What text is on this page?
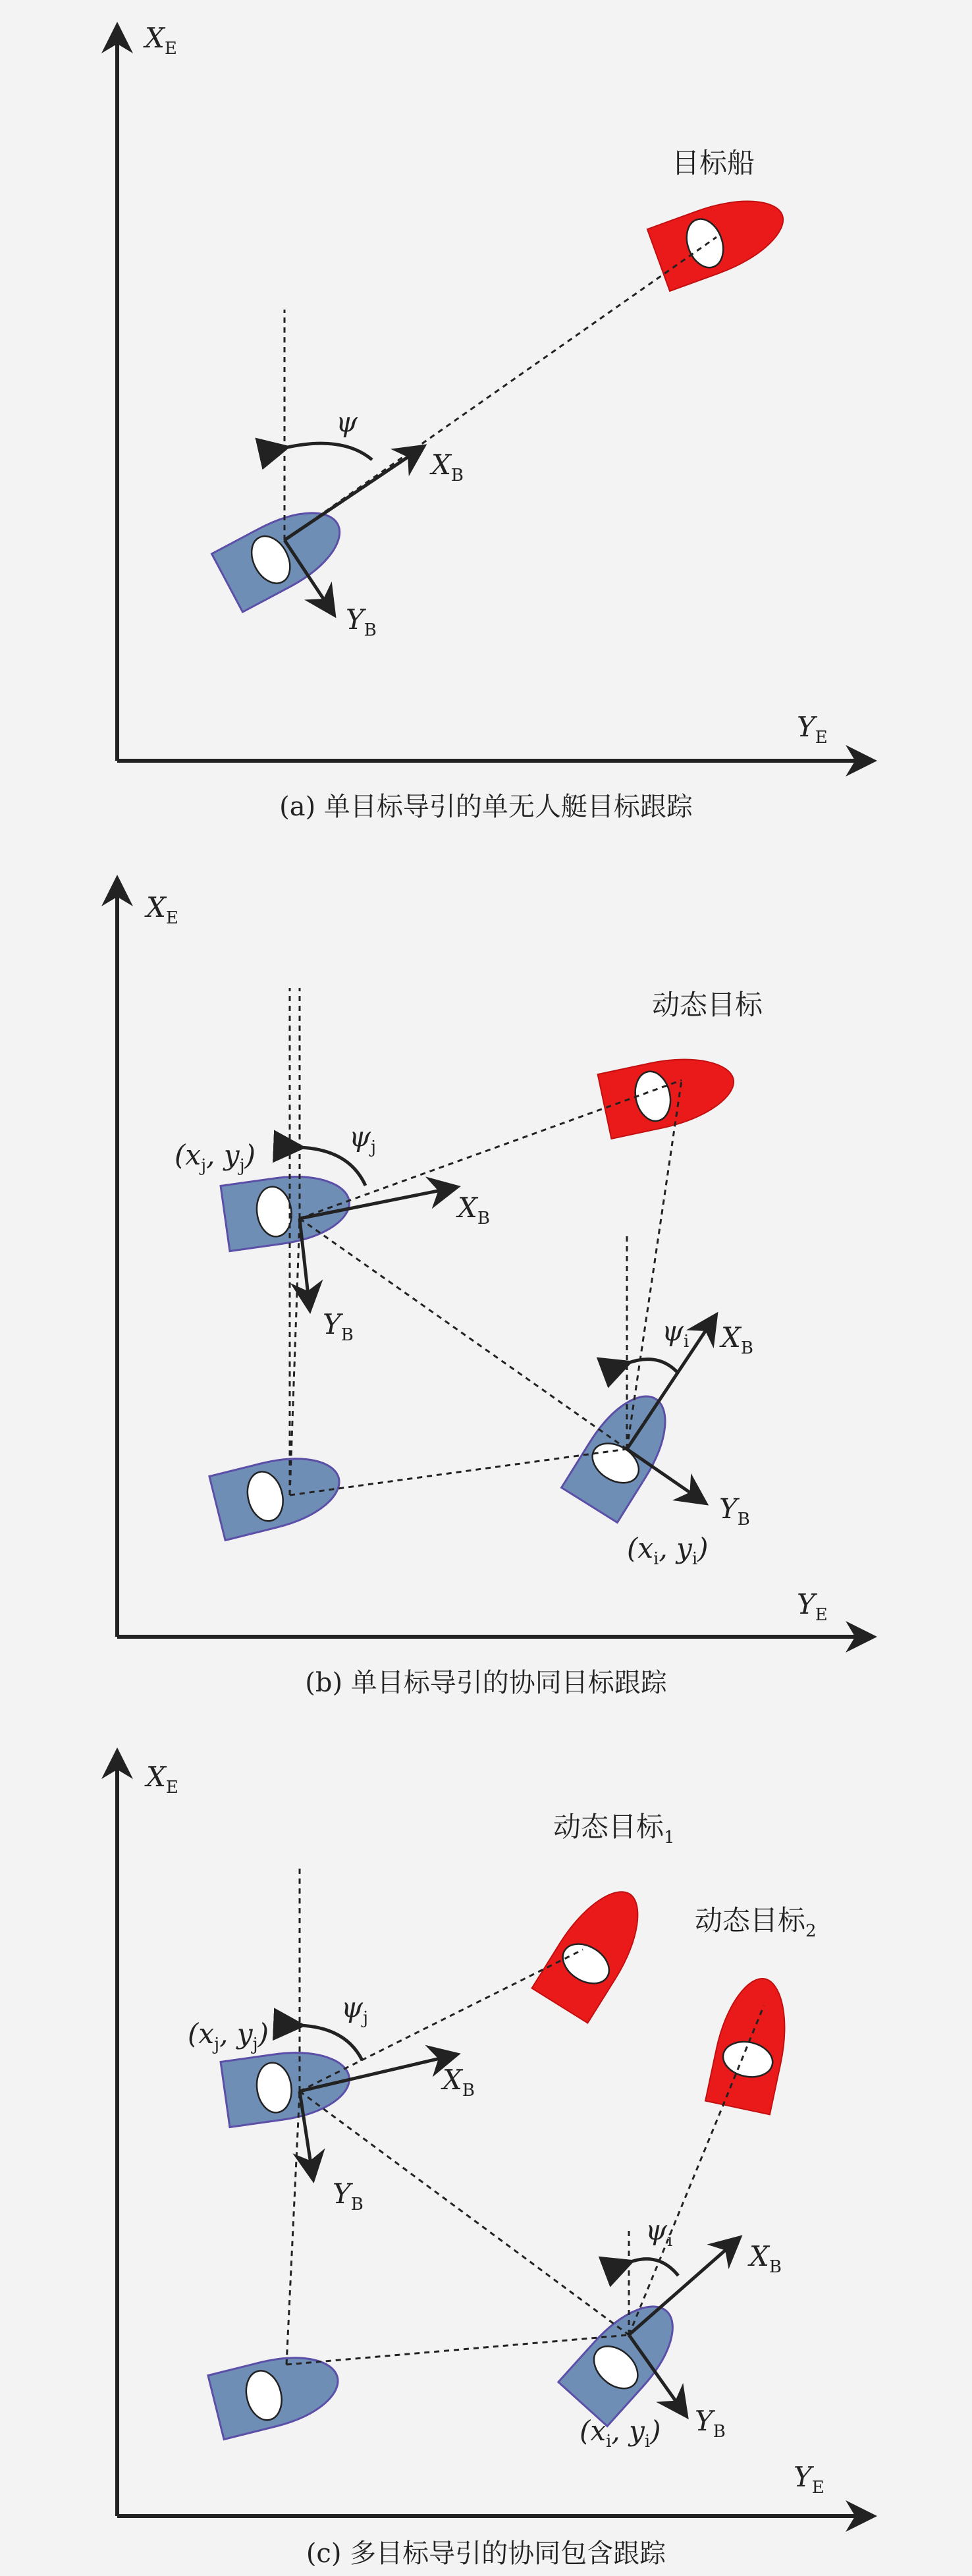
$X_E$
$Y_E$
目标船
ψ
$X_B$
$Y_B$
(a) 单目标导引的单无人艇目标跟踪
$X_E$
$Y_E$
动态目标
$\psi_j$
$\psi_i$
$X_B$
$Y_B$
($x_j$, $y_j$)
$X_B$
$Y_B$
($x_i$, $y_i$)
(b) 单目标导引的协同目标跟踪
$X_E$
$Y_E$
动态目标$_1$
动态目标$_2$
$\psi_j$
$\psi_i$
$X_B$
$Y_B$
($x_j$, $y_j$)
$X_B$
$Y_B$
($x_i$, $y_i$)
(c) 多目标导引的协同包含跟踪
